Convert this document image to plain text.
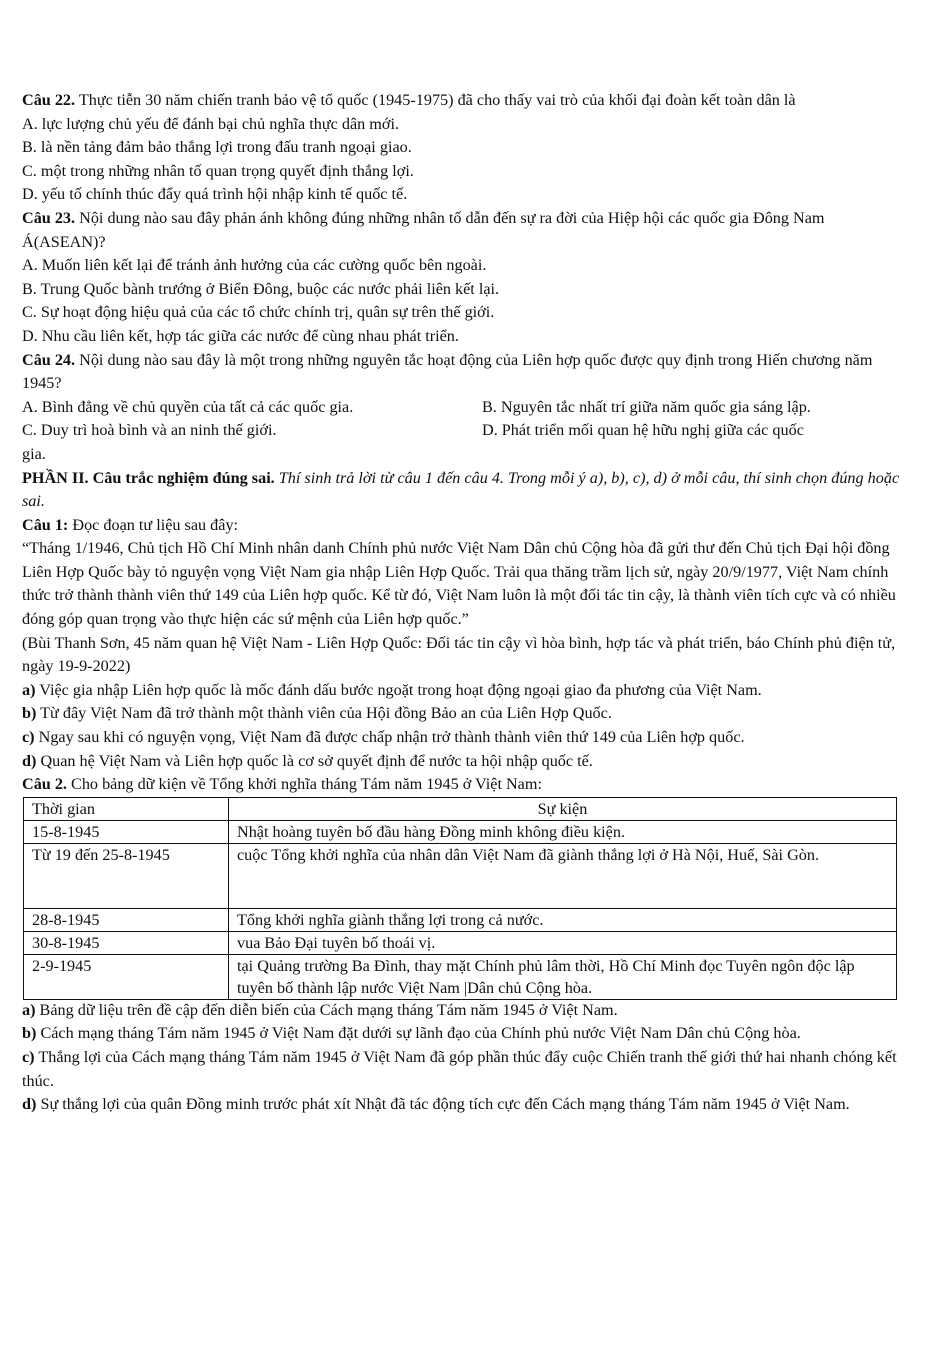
Câu 22. Thực tiễn 30 năm chiến tranh bảo vệ tổ quốc (1945-1975) đã cho thấy vai trò của khối đại đoàn kết toàn dân là

A. lực lượng chủ yếu để đánh bại chủ nghĩa thực dân mới.

B. là nền tảng đảm bảo thắng lợi trong đấu tranh ngoại giao.

C. một trong những nhân tố quan trọng quyết định thắng lợi.

D. yếu tố chính thúc đẩy quá trình hội nhập kinh tế quốc tế.

Câu 23. Nội dung nào sau đây phản ánh không đúng những nhân tố dẫn đến sự ra đời của Hiệp hội các quốc gia Đông Nam Á(ASEAN)?

A. Muốn liên kết lại để tránh ảnh hưởng của các cường quốc bên ngoài.

B. Trung Quốc bành trướng ở Biển Đông, buộc các nước phải liên kết lại.

C. Sự hoạt động hiệu quả của các tổ chức chính trị, quân sự trên thế giới.

D. Nhu cầu liên kết, hợp tác giữa các nước để cùng nhau phát triển.

Câu 24. Nội dung nào sau đây là một trong những nguyên tắc hoạt động của Liên hợp quốc được quy định trong Hiến chương năm 1945?

A. Bình đẳng về chủ quyền của tất cả các quốc gia.	B. Nguyên tắc nhất trí giữa năm quốc gia sáng lập.

C. Duy trì hoà bình và an ninh thế giới.	D. Phát triển mối quan hệ hữu nghị giữa các quốc

gia.

PHẦN II. Câu trắc nghiệm đúng sai. Thí sinh trả lời từ câu 1 đến câu 4. Trong mỗi ý a), b), c), d) ở mỗi câu, thí sinh chọn đúng hoặc sai.

Câu 1: Đọc đoạn tư liệu sau đây:

“Tháng 1/1946, Chủ tịch Hồ Chí Minh nhân danh Chính phủ nước Việt Nam Dân chủ Cộng hòa đã gửi thư đến Chủ tịch Đại hội đồng Liên Hợp Quốc bày tỏ nguyện vọng Việt Nam gia nhập Liên Hợp Quốc. Trải qua thăng trầm lịch sử, ngày 20/9/1977, Việt Nam chính thức trở thành thành viên thứ 149 của Liên hợp quốc. Kể từ đó, Việt Nam luôn là một đối tác tin cậy, là thành viên tích cực và có nhiều đóng góp quan trọng vào thực hiện các sứ mệnh của Liên hợp quốc.”

(Bùi Thanh Sơn, 45 năm quan hệ Việt Nam - Liên Hợp Quốc: Đối tác tin cậy vì hòa bình, hợp tác và phát triển, báo Chính phủ điện tử, ngày 19-9-2022)

a) Việc gia nhập Liên hợp quốc là mốc đánh dấu bước ngoặt trong hoạt động ngoại giao đa phương của Việt Nam.

b) Từ đây Việt Nam đã trở thành một thành viên của Hội đồng Bảo an của Liên Hợp Quốc.

c) Ngay sau khi có nguyện vọng, Việt Nam đã được chấp nhận trở thành thành viên thứ 149 của Liên hợp quốc.

d) Quan hệ Việt Nam và Liên hợp quốc là cơ sở quyết định để nước ta hội nhập quốc tế.

Câu 2. Cho bảng dữ kiện về Tổng khởi nghĩa tháng Tám năm 1945 ở Việt Nam:

Thời gian	Sự kiện
15-8-1945	Nhật hoàng tuyên bố đầu hàng Đồng minh không điều kiện.
Từ 19 đến 25-8-1945	cuộc Tổng khởi nghĩa của nhân dân Việt Nam đã giành thắng lợi ở Hà Nội, Huế, Sài Gòn.
28-8-1945	Tổng khởi nghĩa giành thắng lợi trong cả nước.
30-8-1945	vua Bảo Đại tuyên bố thoái vị.
2-9-1945	tại Quảng trường Ba Đình, thay mặt Chính phủ lâm thời, Hồ Chí Minh đọc Tuyên ngôn độc lập tuyên bố thành lập nước Việt Nam |Dân chủ Cộng hòa.

a) Bảng dữ liệu trên đề cập đến diễn biến của Cách mạng tháng Tám năm 1945 ở Việt Nam.

b) Cách mạng tháng Tám năm 1945 ở Việt Nam đặt dưới sự lãnh đạo của Chính phủ nước Việt Nam Dân chủ Cộng hòa.

c) Thắng lợi của Cách mạng tháng Tám năm 1945 ở Việt Nam đã góp phần thúc đẩy cuộc Chiến tranh thế giới thứ hai nhanh chóng kết thúc.

d) Sự thắng lợi của quân Đồng minh trước phát xít Nhật đã tác động tích cực đến Cách mạng tháng Tám năm 1945 ở Việt Nam.
